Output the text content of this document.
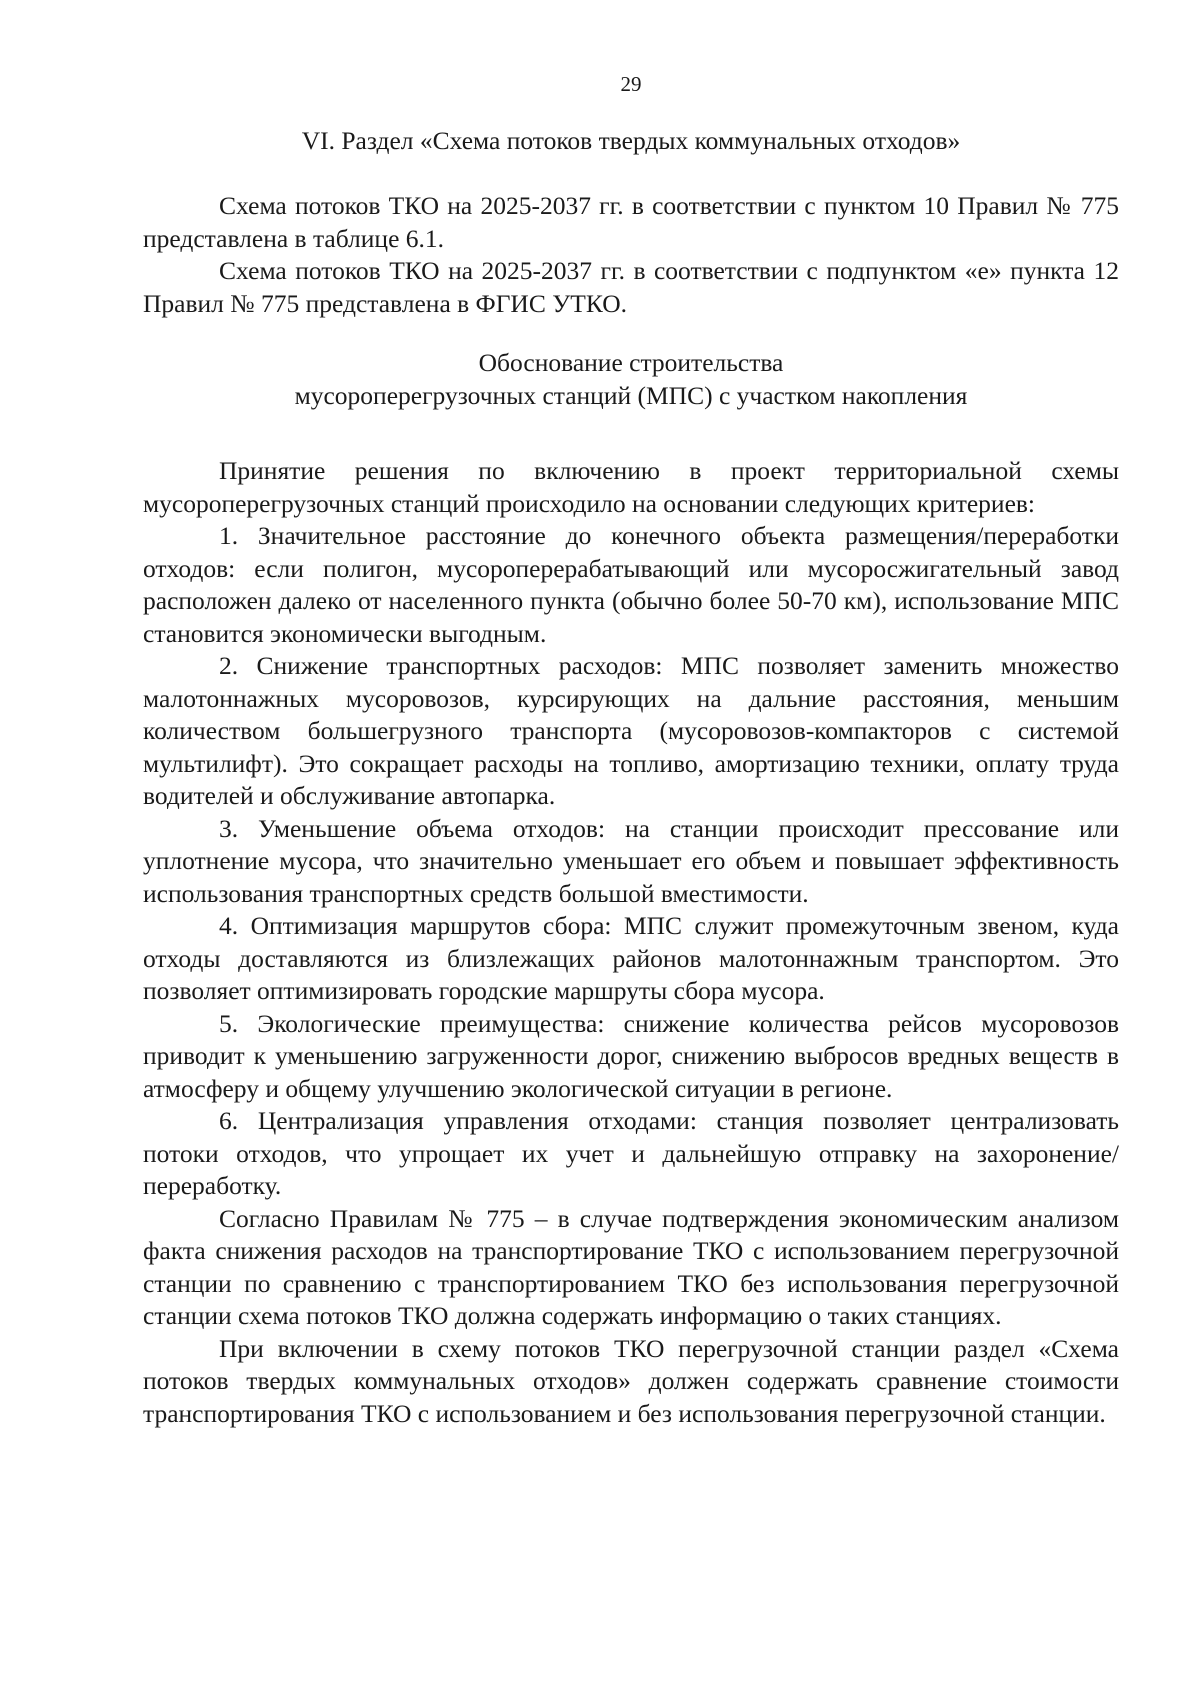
29
VI. Раздел «Схема потоков твердых коммунальных отходов»

Схема потоков ТКО на 2025-2037 гг. в соответствии с пунктом 10 Правил № 775 представлена в таблице 6.1.

Схема потоков ТКО на 2025-2037 гг. в соответствии с подпунктом «е» пункта 12 Правил № 775 представлена в ФГИС УТКО.

Обоснование строительства
мусороперегрузочных станций (МПС) с участком накопления

Принятие решения по включению в проект территориальной схемы мусороперегрузочных станций происходило на основании следующих критериев:

1. Значительное расстояние до конечного объекта размещения/переработки отходов: если полигон, мусороперерабатывающий или мусоросжигательный завод расположен далеко от населенного пункта (обычно более 50-70 км), использование МПС становится экономически выгодным.

2. Снижение транспортных расходов: МПС позволяет заменить множество малотоннажных мусоровозов, курсирующих на дальние расстояния, меньшим количеством большегрузного транспорта (мусоровозов-компакторов с системой мультилифт). Это сокращает расходы на топливо, амортизацию техники, оплату труда водителей и обслуживание автопарка.

3. Уменьшение объема отходов: на станции происходит прессование или уплотнение мусора, что значительно уменьшает его объем и повышает эффективность использования транспортных средств большой вместимости.

4. Оптимизация маршрутов сбора: МПС служит промежуточным звеном, куда отходы доставляются из близлежащих районов малотоннажным транспортом. Это позволяет оптимизировать городские маршруты сбора мусора.

5. Экологические преимущества: снижение количества рейсов мусоровозов приводит к уменьшению загруженности дорог, снижению выбросов вредных веществ в атмосферу и общему улучшению экологической ситуации в регионе.

6. Централизация управления отходами: станция позволяет централизовать потоки отходов, что упрощает их учет и дальнейшую отправку на захоронение/переработку.

Согласно Правилам № 775 – в случае подтверждения экономическим анализом факта снижения расходов на транспортирование ТКО с использованием перегрузочной станции по сравнению с транспортированием ТКО без использования перегрузочной станции схема потоков ТКО должна содержать информацию о таких станциях.

При включении в схему потоков ТКО перегрузочной станции раздел «Схема потоков твердых коммунальных отходов» должен содержать сравнение стоимости транспортирования ТКО с использованием и без использования перегрузочной станции.
